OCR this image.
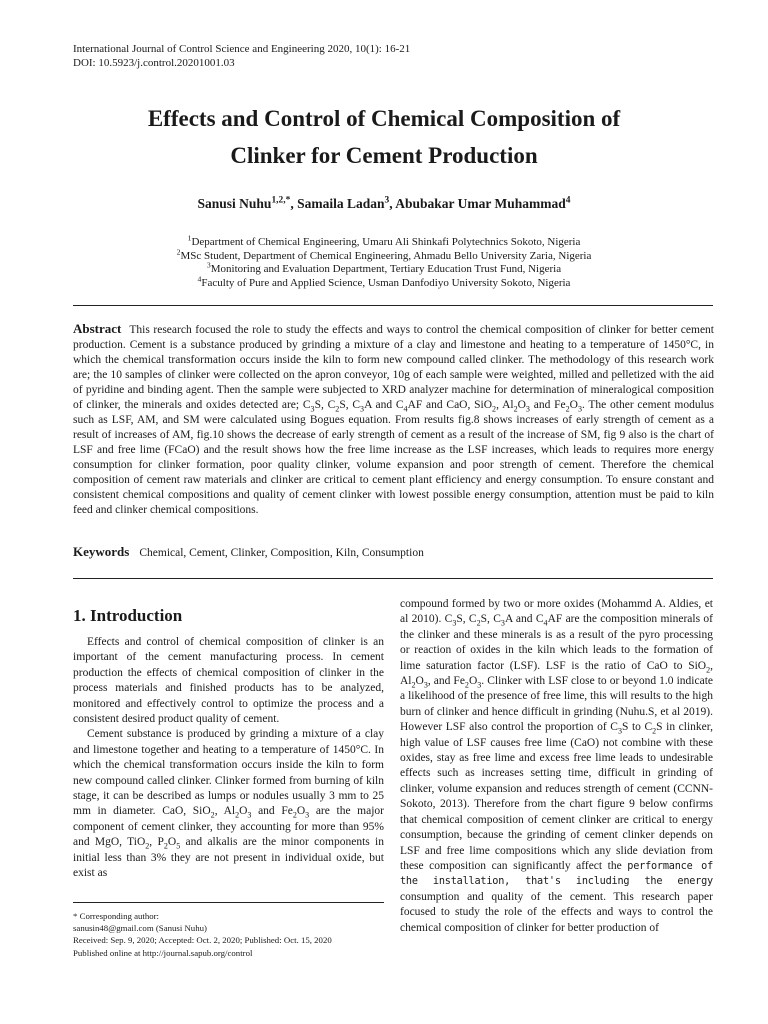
International Journal of Control Science and Engineering 2020, 10(1): 16-21
DOI: 10.5923/j.control.20201001.03
Effects and Control of Chemical Composition of
Clinker for Cement Production
Sanusi Nuhu$^{1,2,*}$, Samaila Ladan$^3$, Abubakar Umar Muhammad$^4$
$^1$Department of Chemical Engineering, Umaru Ali Shinkafi Polytechnics Sokoto, Nigeria
$^2$MSc Student, Department of Chemical Engineering, Ahmadu Bello University Zaria, Nigeria
$^3$Monitoring and Evaluation Department, Tertiary Education Trust Fund, Nigeria
$^4$Faculty of Pure and Applied Science, Usman Danfodiyo University Sokoto, Nigeria
Abstract This research focused the role to study the effects and ways to control the chemical composition of clinker for better cement production. Cement is a substance produced by grinding a mixture of a clay and limestone and heating to a temperature of 1450°C, in which the chemical transformation occurs inside the kiln to form new compound called clinker. The methodology of this research work are; the 10 samples of clinker were collected on the apron conveyor, 10g of each sample were weighted, milled and pelletized with the aid of pyridine and binding agent. Then the sample were subjected to XRD analyzer machine for determination of mineralogical composition of clinker, the minerals and oxides detected are; $C_3S$, $C_2S$, $C_3A$ and $C_4AF$ and CaO, SiO$_2$, $Al_2O_3$ and $Fe_2O_3$. The other cement modulus such as LSF, AM, and SM were calculated using Bogues equation. From results fig.8 shows increases of early strength of cement as a result of increases of AM, fig.10 shows the decrease of early strength of cement as a result of the increase of SM, fig 9 also is the chart of LSF and free lime (FCaO) and the result shows how the free lime increase as the LSF increases, which leads to requires more energy consumption for clinker formation, poor quality clinker, volume expansion and poor strength of cement. Therefore the chemical composition of cement raw materials and clinker are critical to cement plant efficiency and energy consumption. To ensure constant and consistent chemical compositions and quality of cement clinker with lowest possible energy consumption, attention must be paid to kiln feed and clinker chemical compositions.
Keywords Chemical, Cement, Clinker, Composition, Kiln, Consumption
1. Introduction

Effects and control of chemical composition of clinker is an important of the cement manufacturing process. In cement production the effects of chemical composition of clinker in the process materials and finished products has to be analyzed, monitored and effectively control to optimize the process and a consistent desired product quality of cement.

Cement substance is produced by grinding a mixture of a clay and limestone together and heating to a temperature of 1450°C. In which the chemical transformation occurs inside the kiln to form new compound called clinker. Clinker formed from burning of kiln stage, it can be described as lumps or nodules usually 3 mm to 25 mm in diameter. CaO, SiO$_2$, $Al_2O_3$ and $Fe_2O_3$ are the major component of cement clinker, they accounting for more than 95% and MgO, TiO$_2$, $P_2O_5$ and alkalis are the minor components in initial less than 3% they are not present in individual oxide, but exist as

compound formed by two or more oxides (Mohammd A. Aldies, et al 2010). $C_3S$, $C_2S$, $C_3A$ and $C_4AF$ are the composition minerals of the clinker and these minerals is as a result of the pyro processing or reaction of oxides in the kiln which leads to the formation of lime saturation factor (LSF). LSF is the ratio of CaO to SiO$_2$, $Al_2O_3$, and $Fe_2O_3$. Clinker with LSF close to or beyond 1.0 indicate a likelihood of the presence of free lime, this will results to the high burn of clinker and hence difficult in grinding (Nuhu.S, et al 2019). However LSF also control the proportion of $C_3S$ to $C_2S$ in clinker, high value of LSF causes free lime (CaO) not combine with these oxides, stay as free lime and excess free lime leads to undesirable effects such as increases setting time, difficult in grinding of clinker, volume expansion and reduces strength of cement (CCNN-Sokoto, 2013). Therefore from the chart figure 9 below confirms that chemical composition of cement clinker are critical to energy consumption, because the grinding of cement clinker depends on LSF and free lime compositions which any slide deviation from these composition can significantly affect the performance of the installation, that's including the energy consumption and quality of the cement. This research paper focused to study the role of the effects and ways to control the chemical composition of clinker for better production of

* Corresponding author:
sanusin48@gmail.com (Sanusi Nuhu)
Received: Sep. 9, 2020; Accepted: Oct. 2, 2020; Published: Oct. 15, 2020
Published online at http://journal.sapub.org/control
